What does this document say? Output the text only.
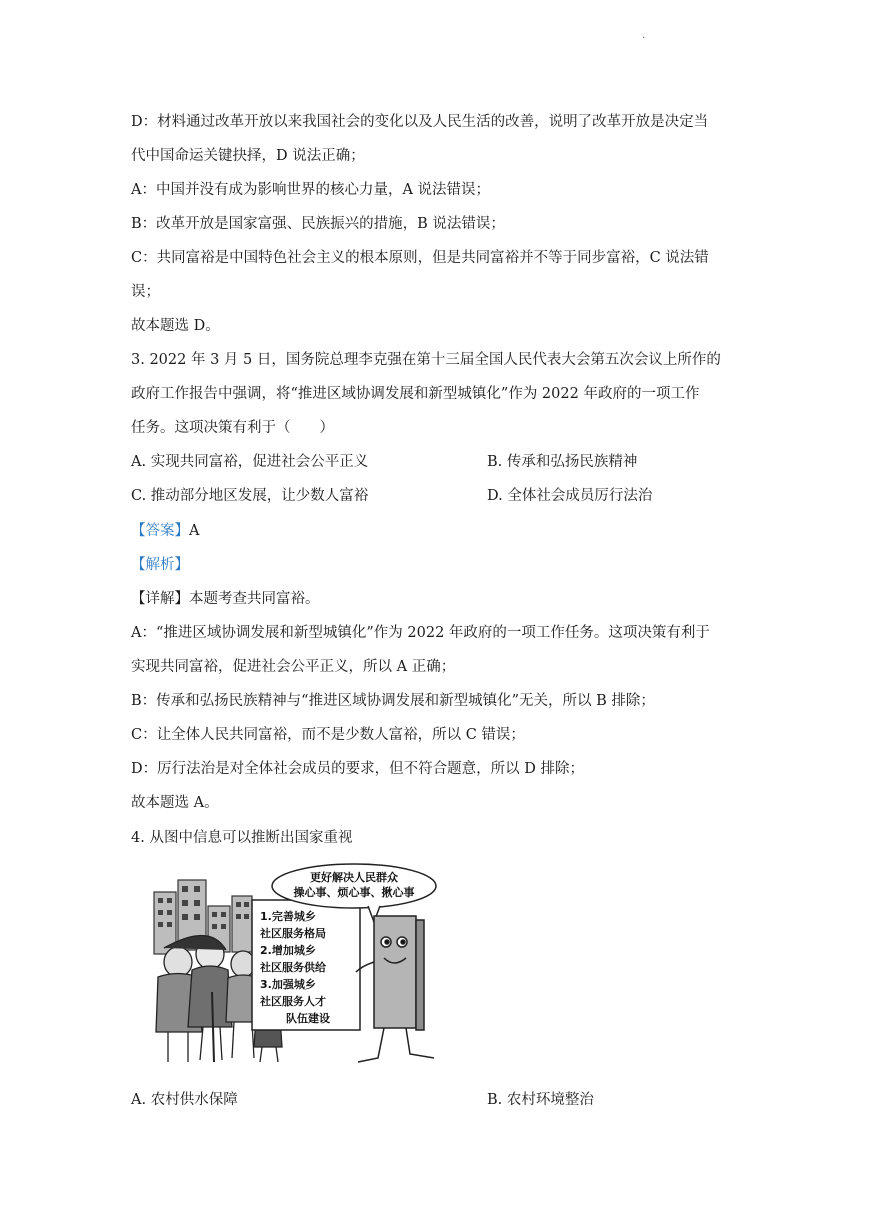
.
D：材料通过改革开放以来我国社会的变化以及人民生活的改善，说明了改革开放是决定当
代中国命运关键抉择，D 说法正确；
A：中国并没有成为影响世界的核心力量，A 说法错误；
B：改革开放是国家富强、民族振兴的措施，B 说法错误；
C：共同富裕是中国特色社会主义的根本原则，但是共同富裕并不等于同步富裕，C 说法错
误；
故本题选 D。
3. 2022 年 3 月 5 日，国务院总理李克强在第十三届全国人民代表大会第五次会议上所作的
政府工作报告中强调，将“推进区域协调发展和新型城镇化”作为 2022 年政府的一项工作
任务。这项决策有利于（　　）
A. 实现共同富裕，促进社会公平正义	B. 传承和弘扬民族精神
C. 推动部分地区发展，让少数人富裕	D. 全体社会成员厉行法治
【答案】A
【解析】
【详解】本题考查共同富裕。
A：“推进区域协调发展和新型城镇化”作为 2022 年政府的一项工作任务。这项决策有利于
实现共同富裕，促进社会公平正义，所以 A 正确；
B：传承和弘扬民族精神与“推进区域协调发展和新型城镇化”无关，所以 B 排除；
C：让全体人民共同富裕，而不是少数人富裕，所以 C 错误；
D：厉行法治是对全体社会成员的要求，但不符合题意，所以 D 排除；
故本题选 A。
4. 从图中信息可以推断出国家重视
1.完善城乡
社区服务格局
2.增加城乡
社区服务供给
3.加强城乡
社区服务人才
队伍建设
更好解决人民群众
操心事、烦心事、揪心事
A. 农村供水保障	B. 农村环境整治
